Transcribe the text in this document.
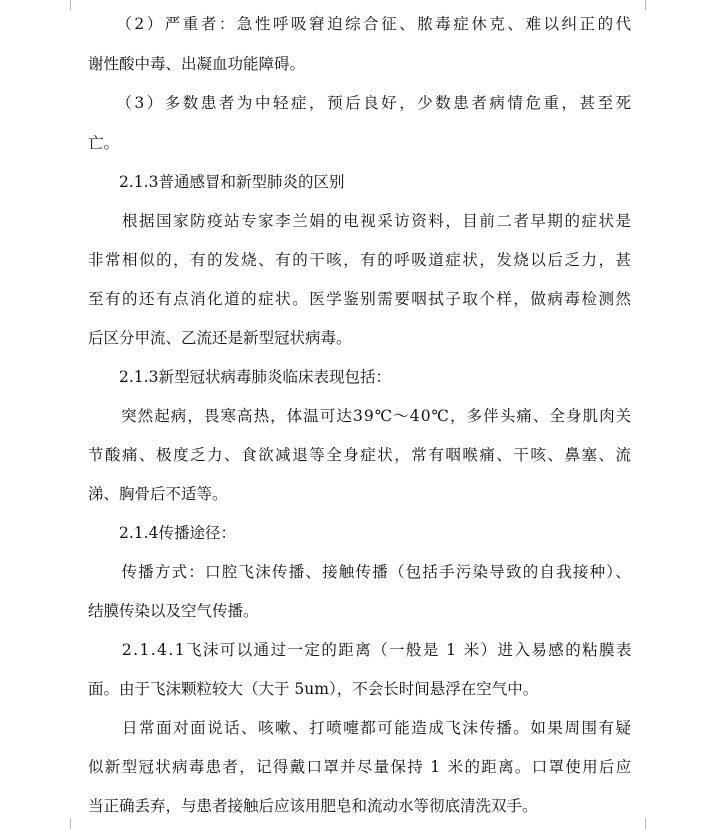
　　（2）严重者：急性呼吸窘迫综合征、脓毒症休克、难以纠正的代
谢性酸中毒、出凝血功能障碍。
　　（3）多数患者为中轻症，预后良好，少数患者病情危重，甚至死
亡。
　　2.1.3普通感冒和新型肺炎的区别
　　根据国家防疫站专家李兰娟的电视采访资料，目前二者早期的症状是
非常相似的，有的发烧、有的干咳，有的呼吸道症状，发烧以后乏力，甚
至有的还有点消化道的症状。医学鉴别需要咽拭子取个样，做病毒检测然
后区分甲流、乙流还是新型冠状病毒。
　　2.1.3新型冠状病毒肺炎临床表现包括：
　　突然起病，畏寒高热，体温可达39℃～40℃，多伴头痛、全身肌肉关
节酸痛、极度乏力、食欲减退等全身症状，常有咽喉痛、干咳、鼻塞、流
涕、胸骨后不适等。
　　2.1.4传播途径：
　　传播方式：口腔飞沫传播、接触传播（包括手污染导致的自我接种）、
结膜传染以及空气传播。
　　2.1.4.1飞沫可以通过一定的距离（一般是 1 米）进入易感的粘膜表
面。由于飞沫颗粒较大（大于 5um），不会长时间悬浮在空气中。
　　日常面对面说话、咳嗽、打喷嚏都可能造成飞沫传播。如果周围有疑
似新型冠状病毒患者，记得戴口罩并尽量保持 1 米的距离。口罩使用后应
当正确丢弃，与患者接触后应该用肥皂和流动水等彻底清洗双手。
